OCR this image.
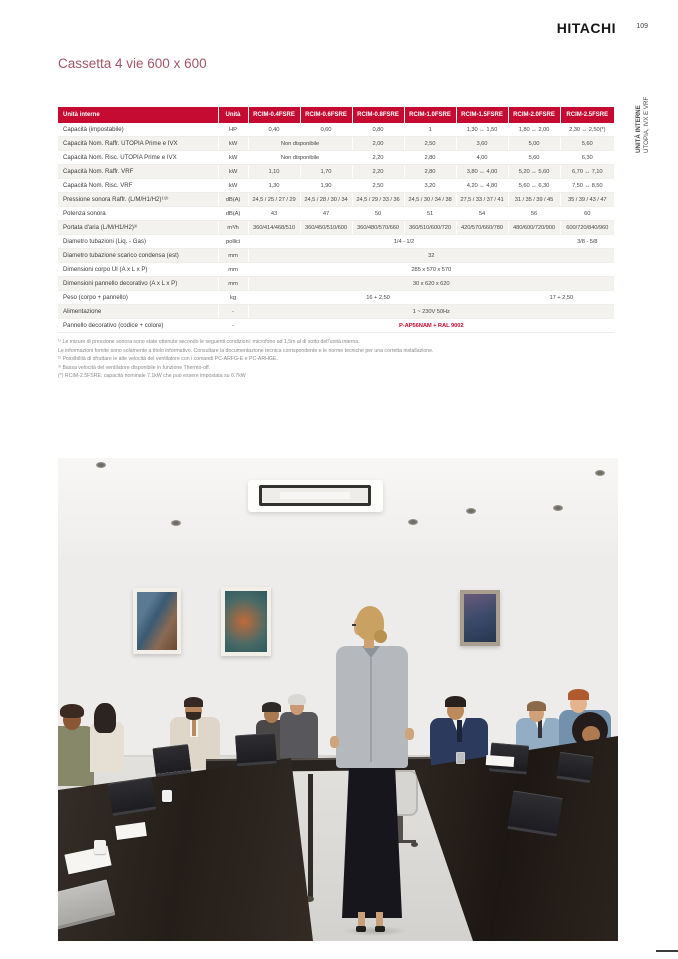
HITACHI	109
UNITÀ INTERNE UTOPIA, IVX E VRF
Cassetta 4 vie 600 x 600
Unità interne	Unità	RCIM-0.4FSRE	RCIM-0.6FSRE	RCIM-0.8FSRE	RCIM-1.0FSRE	RCIM-1.5FSRE	RCIM-2.0FSRE	RCIM-2.5FSRE
Capacità (impostabile)	HP	0,40	0,60	0,80	1	1,30 ↔ 1,50	1,80 ↔ 2,00	2,30 ↔ 2,50(*)
Capacità Nom. Raffr. UTOPIA Prime e IVX	kW	Non disponibile		2,00	2,50	3,60	5,00	5,60
Capacità Nom. Risc. UTOPIA Prime e IVX	kW	Non disponibile		2,20	2,80	4,00	5,60	6,30
Capacità Nom. Raffr. VRF	kW	1,10	1,70	2,20	2,80	3,80 ↔ 4,00	5,20 ↔ 5,60	6,70 ↔ 7,10
Capacità Nom. Risc. VRF	kW	1,30	1,90	2,50	3,20	4,20 ↔ 4,80	5,60 ↔ 6,30	7,50 ↔ 8,50
Pressione sonora Raffr. (L/M/H1/H2)¹⁾²⁾	dB(A)	24,5 / 25 / 27 / 29	24,5 / 28 / 30 / 34	24,5 / 29 / 33 / 36	24,5 / 30 / 34 / 38	27,5 / 33 / 37 / 41	31 / 35 / 39 / 45	35 / 39 / 43 / 47
Potenza sonora	dB(A)	43	47	50	51	54	56	60
Portata d'aria (L/M/H1/H2)³⁾	m³/h	360/414/468/510	360/450/510/600	360/480/570/660	360/510/600/720	420/570/660/780	480/600/720/900	600/720/840/960
Diametro tubazioni (Liq. - Gas)	pollici	1/4 - 1/2						3/8 - 5/8
Diametro tubazione scarico condensa (est)	mm	32						
Dimensioni corpo UI (A x L x P)	mm	285 x 570 x 570						
Dimensioni pannello decorativo (A x L x P)	mm	30 x 620 x 620						
Peso (corpo + pannello)	kg	16 + 2,50					17 + 2,50	
Alimentazione	-	1 ~ 230V 50Hz						
Pannello decorativo (codice + colore)	-	P-AP56NAM + RAL 9002						
¹⁾ Le misure di pressione sonora sono state ottenute secondo le seguenti condizioni: microfono ad 1,5m al di sotto dell'unità interna.
Le informazioni fornite sono solamente a titolo informativo. Consultare la documentazione tecnica corrispondente e le norme tecniche per una corretta installazione.
²⁾ Possibilità di sfruttare le alte velocità del ventilatore con i comandi PC-ARFG-E e PC-ARHGE.
³⁾ Bassa velocità del ventilatore disponibile in funzione Thermo-off.
(*) RCIM-2.5FSRE: capacità nominale 7.1kW che può essere impostata su 6.7kW
